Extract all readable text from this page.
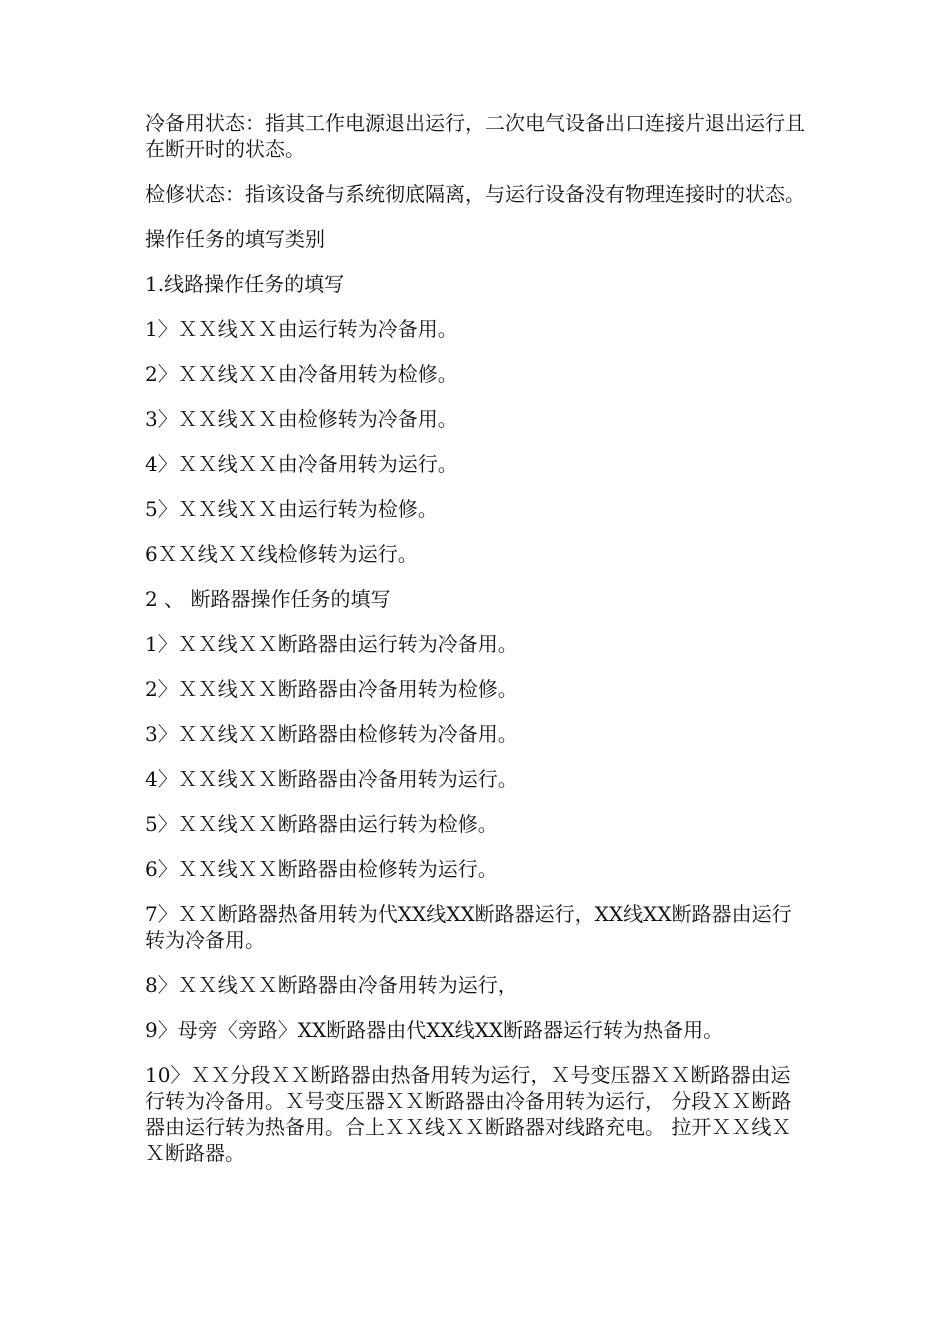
冷备用状态：指其工作电源退出运行，二次电气设备出口连接片退出运行且在断开时的状态。

检修状态：指该设备与系统彻底隔离，与运行设备没有物理连接时的状态。

操作任务的填写类别

1.线路操作任务的填写

1〉ＸＸ线ＸＸ由运行转为冷备用。

2〉ＸＸ线ＸＸ由冷备用转为检修。

3〉ＸＸ线ＸＸ由检修转为冷备用。

4〉ＸＸ线ＸＸ由冷备用转为运行。

5〉ＸＸ线ＸＸ由运行转为检修。

6ＸＸ线ＸＸ线检修转为运行。

2 、 断路器操作任务的填写

1〉ＸＸ线ＸＸ断路器由运行转为冷备用。

2〉ＸＸ线ＸＸ断路器由冷备用转为检修。

3〉ＸＸ线ＸＸ断路器由检修转为冷备用。

4〉ＸＸ线ＸＸ断路器由冷备用转为运行。

5〉ＸＸ线ＸＸ断路器由运行转为检修。

6〉ＸＸ线ＸＸ断路器由检修转为运行。

7〉ＸＸ断路器热备用转为代XX线XX断路器运行，XX线XX断路器由运行转为冷备用。

8〉ＸＸ线ＸＸ断路器由冷备用转为运行，

9〉母旁〈旁路〉XX断路器由代XX线XX断路器运行转为热备用。

10〉ＸＸ分段ＸＸ断路器由热备用转为运行，Ｘ号变压器ＸＸ断路器由运行转为冷备用。Ｘ号变压器ＸＸ断路器由冷备用转为运行， 分段ＸＸ断路器由运行转为热备用。合上ＸＸ线ＸＸ断路器对线路充电。 拉开ＸＸ线ＸＸ断路器。
